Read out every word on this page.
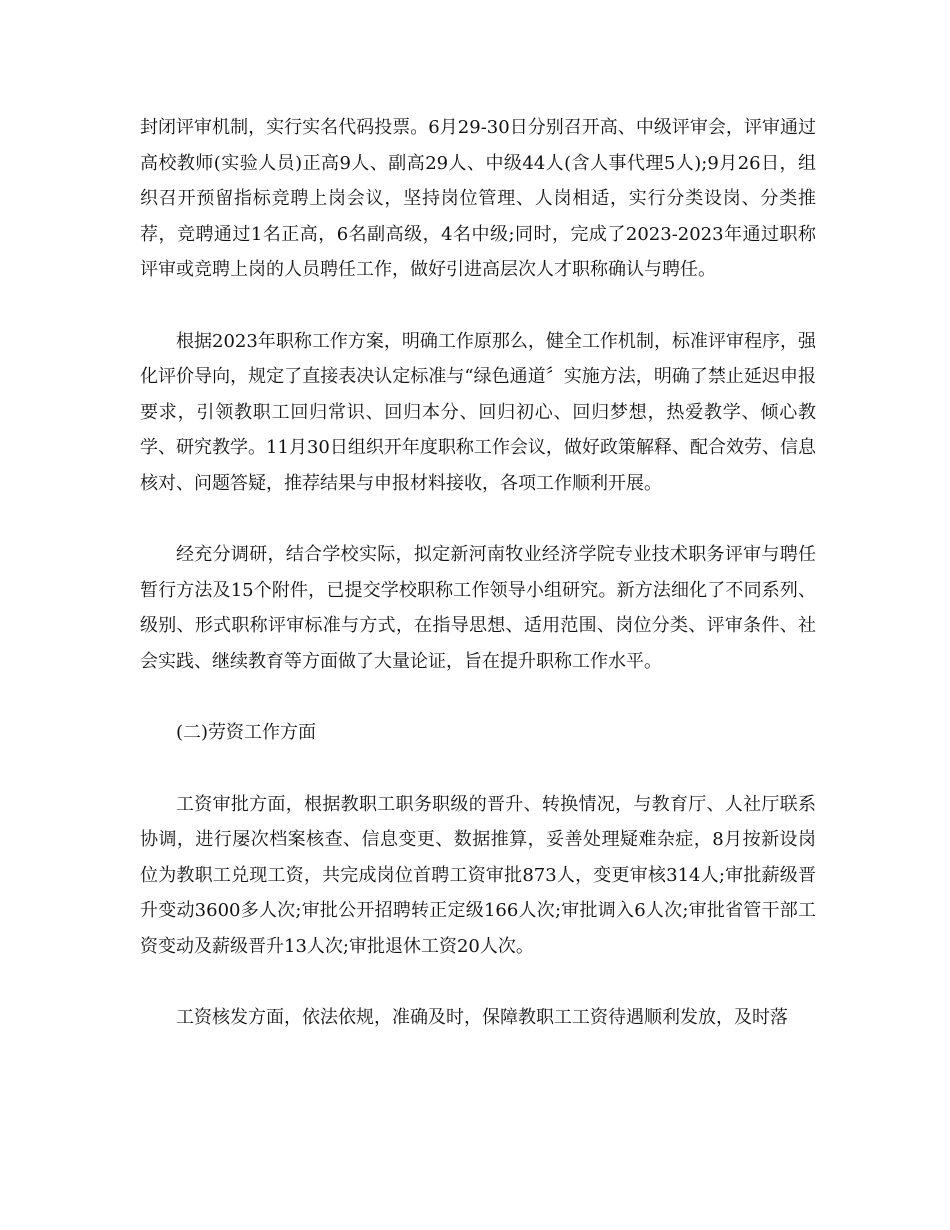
封闭评审机制，实行实名代码投票。6月29-30日分别召开高、中级评审会，评审通过高校教师(实验人员)正高9人、副高29人、中级44人(含人事代理5人);9月26日，组织召开预留指标竞聘上岗会议，坚持岗位管理、人岗相适，实行分类设岗、分类推荐，竞聘通过1名正高，6名副高级，4名中级;同时，完成了2023-2023年通过职称评审或竞聘上岗的人员聘任工作，做好引进高层次人才职称确认与聘任。

根据2023年职称工作方案，明确工作原那么，健全工作机制，标准评审程序，强化评价导向，规定了直接表决认定标准与“绿色通道〞实施方法，明确了禁止延迟申报要求，引领教职工回归常识、回归本分、回归初心、回归梦想，热爱教学、倾心教学、研究教学。11月30日组织开年度职称工作会议，做好政策解释、配合效劳、信息核对、问题答疑，推荐结果与申报材料接收，各项工作顺利开展。

经充分调研，结合学校实际，拟定新河南牧业经济学院专业技术职务评审与聘任暂行方法及15个附件，已提交学校职称工作领导小组研究。新方法细化了不同系列、级别、形式职称评审标准与方式，在指导思想、适用范围、岗位分类、评审条件、社会实践、继续教育等方面做了大量论证，旨在提升职称工作水平。

(二)劳资工作方面

工资审批方面，根据教职工职务职级的晋升、转换情况，与教育厅、人社厅联系协调，进行屡次档案核查、信息变更、数据推算，妥善处理疑难杂症，8月按新设岗位为教职工兑现工资，共完成岗位首聘工资审批873人，变更审核314人;审批薪级晋升变动3600多人次;审批公开招聘转正定级166人次;审批调入6人次;审批省管干部工资变动及薪级晋升13人次;审批退休工资20人次。

工资核发方面，依法依规，准确及时，保障教职工工资待遇顺利发放，及时落
